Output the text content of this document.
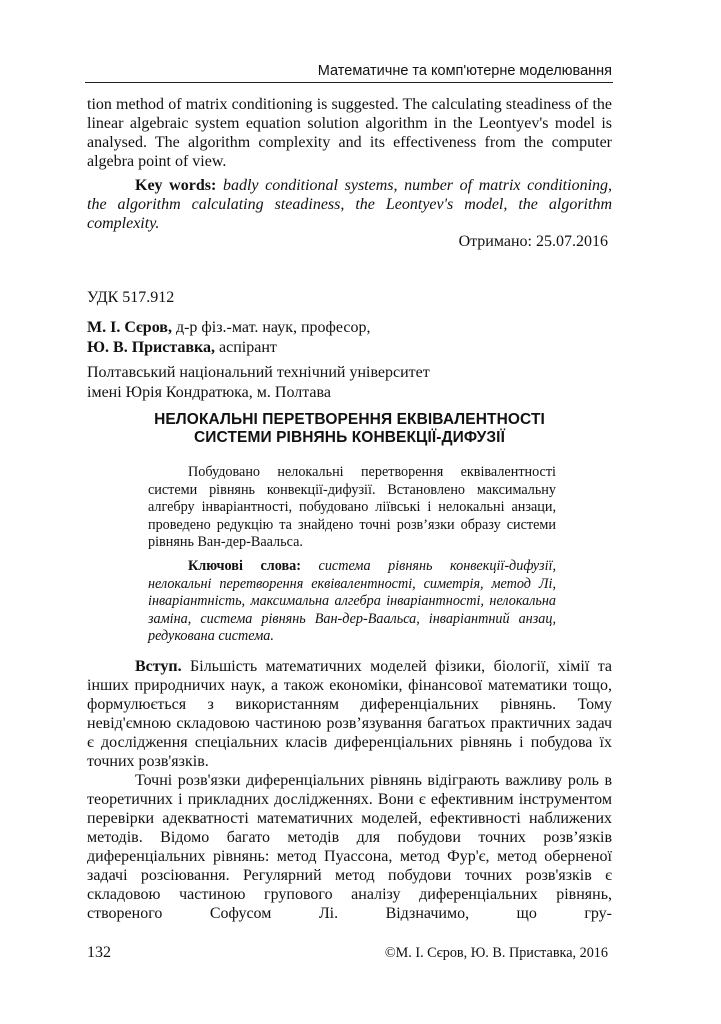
Математичне та комп'ютерне моделювання

tion method of matrix conditioning is suggested. The calculating steadiness of the linear algebraic system equation solution algorithm in the Leontyev's model is analysed. The algorithm complexity and its effectiveness from the computer algebra point of view.

Key words: badly conditional systems, number of matrix conditioning, the algorithm calculating steadiness, the Leontyev's model, the algorithm complexity.

Отримано: 25.07.2016
УДК 517.912
М. І. Сєров, д-р фіз.-мат. наук, професор,
Ю. В. Приставка, аспірант
Полтавський національний технічний університет
імені Юрія Кондратюка, м. Полтава
НЕЛОКАЛЬНІ ПЕРЕТВОРЕННЯ ЕКВІВАЛЕНТНОСТІ
СИСТЕМИ РІВНЯНЬ КОНВЕКЦІЇ-ДИФУЗІЇ

Побудовано нелокальні перетворення еквівалентності системи рівнянь конвекції-дифузії. Встановлено максимальну алгебру інваріантності, побудовано ліївські і нелокальні анзаци, проведено редукцію та знайдено точні розв’язки образу системи рівнянь Ван-дер-Ваальса.

Ключові слова: система рівнянь конвекції-дифузії, нелокальні перетворення еквівалентності, симетрія, метод Лі, інваріантність, максимальна алгебра інваріантності, нелокальна заміна, система рівнянь Ван-дер-Ваальса, інваріантний анзац, редукована система.

Вступ. Більшість математичних моделей фізики, біології, хімії та інших природничих наук, а також економіки, фінансової математики тощо, формулюється з використанням диференціальних рівнянь. Тому невід'ємною складовою частиною розв’язування багатьох практичних задач є дослідження спеціальних класів диференціальних рівнянь і побудова їх точних розв'язків.

Точні розв'язки диференціальних рівнянь відіграють важливу роль в теоретичних і прикладних дослідженнях. Вони є ефективним інструментом перевірки адекватності математичних моделей, ефективності наближених методів. Відомо багато методів для побудови точних розв’язків диференціальних рівнянь: метод Пуассона, метод Фур'є, метод оберненої задачі розсіювання. Регулярний метод побудови точних розв'язків є складовою частиною групового аналізу диференціальних рівнянь, створеного Софусом Лі. Відзначимо, що гру-

132	©М. І. Сєров, Ю. В. Приставка, 2016
